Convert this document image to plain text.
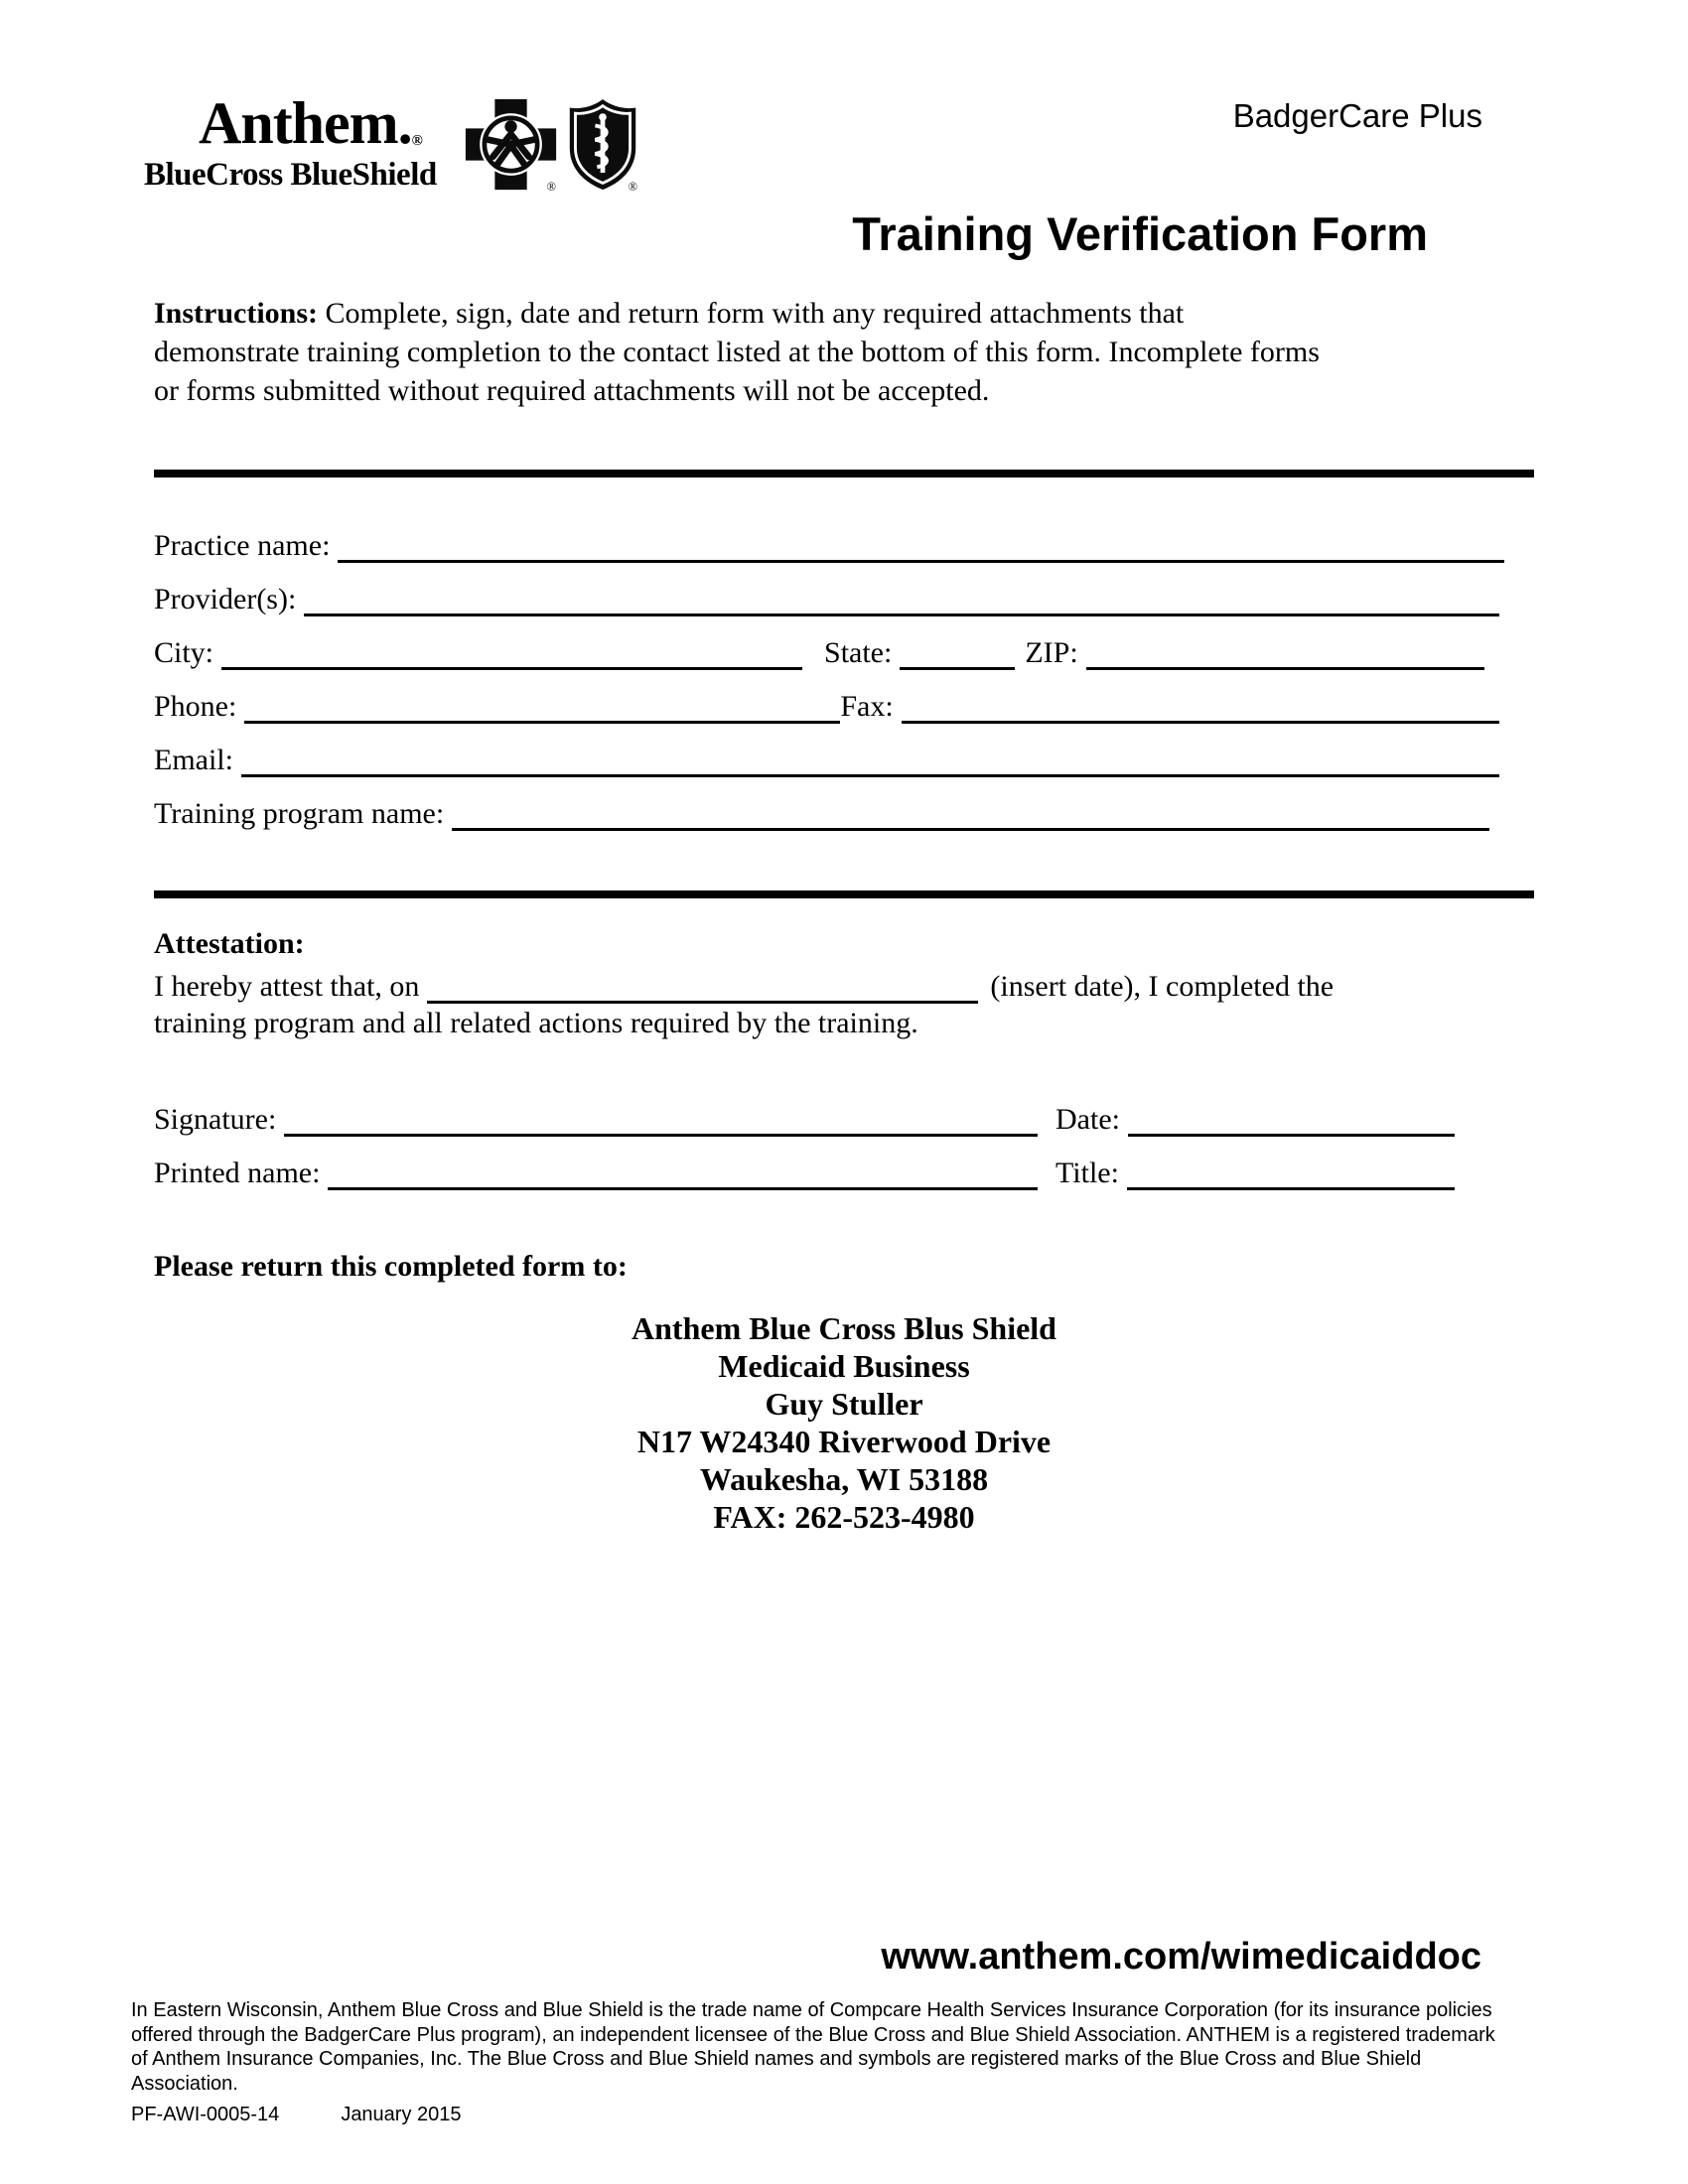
Anthem.®
BlueCross BlueShield	®	®
BadgerCare Plus
Training Verification Form
Instructions: Complete, sign, date and return form with any required attachments that
demonstrate training completion to the contact listed at the bottom of this form. Incomplete forms
or forms submitted without required attachments will not be accepted.
Practice name:
Provider(s):
City:	State:	ZIP:
Phone:	Fax:
Email:
Training program name:
Attestation:
I hereby attest that, on	(insert date), I completed the
training program and all related actions required by the training.
Signature:	Date:
Printed name:	Title:
Please return this completed form to:
Anthem Blue Cross Blus Shield
Medicaid Business
Guy Stuller
N17 W24340 Riverwood Drive
Waukesha, WI 53188
FAX: 262-523-4980
www.anthem.com/wimedicaiddoc
In Eastern Wisconsin, Anthem Blue Cross and Blue Shield is the trade name of Compcare Health Services Insurance Corporation (for its insurance policies
offered through the BadgerCare Plus program), an independent licensee of the Blue Cross and Blue Shield Association. ANTHEM is a registered trademark
of Anthem Insurance Companies, Inc. The Blue Cross and Blue Shield names and symbols are registered marks of the Blue Cross and Blue Shield
Association.
PF-AWI-0005-14	January 2015
